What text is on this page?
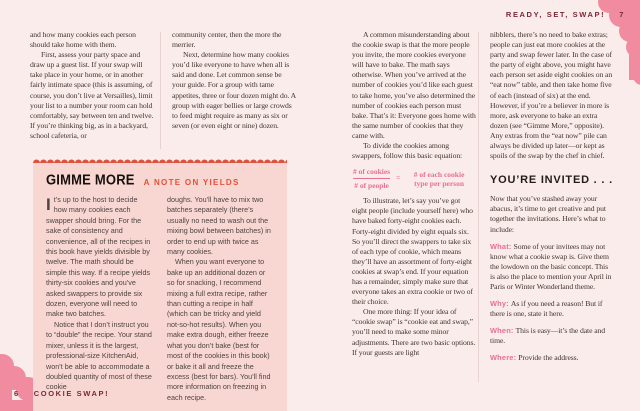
READY, SET, SWAP! 7

and how many cookies each person should take home with them.

First, assess your party space and draw up a guest list. If your swap will take place in your home, or in another fairly intimate space (this is assuming, of course, you don’t live at Versailles), limit your list to a number your room can hold comfortably, say between ten and twelve. If you’re thinking big, as in a backyard, school cafeteria, or

community center, then the more the merrier.

Next, determine how many cookies you’d like everyone to have when all is said and done. Let common sense be your guide. For a group with tame appetites, three or four dozen might do. A group with eager bellies or large crowds to feed might require as many as six or seven (or even eight or nine) dozen.

GIMME MORE A NOTE ON YIELDS

It’s up to the host to decide how many cookies each swapper should bring. For the sake of consistency and convenience, all of the recipes in this book have yields divisible by twelve. The math should be simple this way. If a recipe yields thirty-six cookies and you’ve asked swappers to provide six dozen, everyone will need to make two batches.

Notice that I don’t instruct you to “double” the recipe. Your stand mixer, unless it is the largest, professional-size KitchenAid, won’t be able to accommodate a doubled quantity of most of these cookie

doughs. You’ll have to mix two batches separately (there’s usually no need to wash out the mixing bowl between batches) in order to end up with twice as many cookies.

When you want everyone to bake up an additional dozen or so for snacking, I recommend mixing a full extra recipe, rather than cutting a recipe in half (which can be tricky and yield not-so-hot results). When you make extra dough, either freeze what you don’t bake (best for most of the cookies in this book) or bake it all and freeze the excess (best for bars). You’ll find more information on freezing in each recipe.

6 COOKIE SWAP!

A common misunderstanding about the cookie swap is that the more people you invite, the more cookies everyone will have to bake. The math says otherwise. When you’ve arrived at the number of cookies you’d like each guest to take home, you’ve also determined the number of cookies each person must bake. That’s it: Everyone goes home with the same number of cookies that they came with.

To divide the cookies among swappers, follow this basic equation:

$\frac{\text{\# of cookies}}{\text{\# of people}}$ =	# of each cookie type per person

To illustrate, let’s say you’ve got eight people (include yourself here) who have baked forty-eight cookies each. Forty-eight divided by eight equals six. So you’ll direct the swappers to take six of each type of cookie, which means they’ll have an assortment of forty-eight cookies at swap’s end. If your equation has a remainder, simply make sure that everyone takes an extra cookie or two of their choice.

One more thing: If your idea of “cookie swap” is “cookie eat and swap,” you’ll need to make some minor adjustments. There are two basic options. If your guests are light

nibblers, there’s no need to bake extras; people can just eat more cookies at the party and swap fewer later. In the case of the party of eight above, you might have each person set aside eight cookies on an “eat now” table, and then take home five of each (instead of six) at the end. However, if you’re a believer in more is more, ask everyone to bake an extra dozen (see “Gimme More,” opposite). Any extras from the “eat now” pile can always be divided up later—or kept as spoils of the swap by the chef in chief.

YOU’RE INVITED . . .

Now that you’ve stashed away your abacus, it’s time to get creative and put together the invitations. Here’s what to include:

What: Some of your invitees may not know what a cookie swap is. Give them the lowdown on the basic concept. This is also the place to mention your April in Paris or Winter Wonderland theme.

Why: As if you need a reason! But if there is one, state it here.

When: This is easy—it’s the date and time.

Where: Provide the address.
